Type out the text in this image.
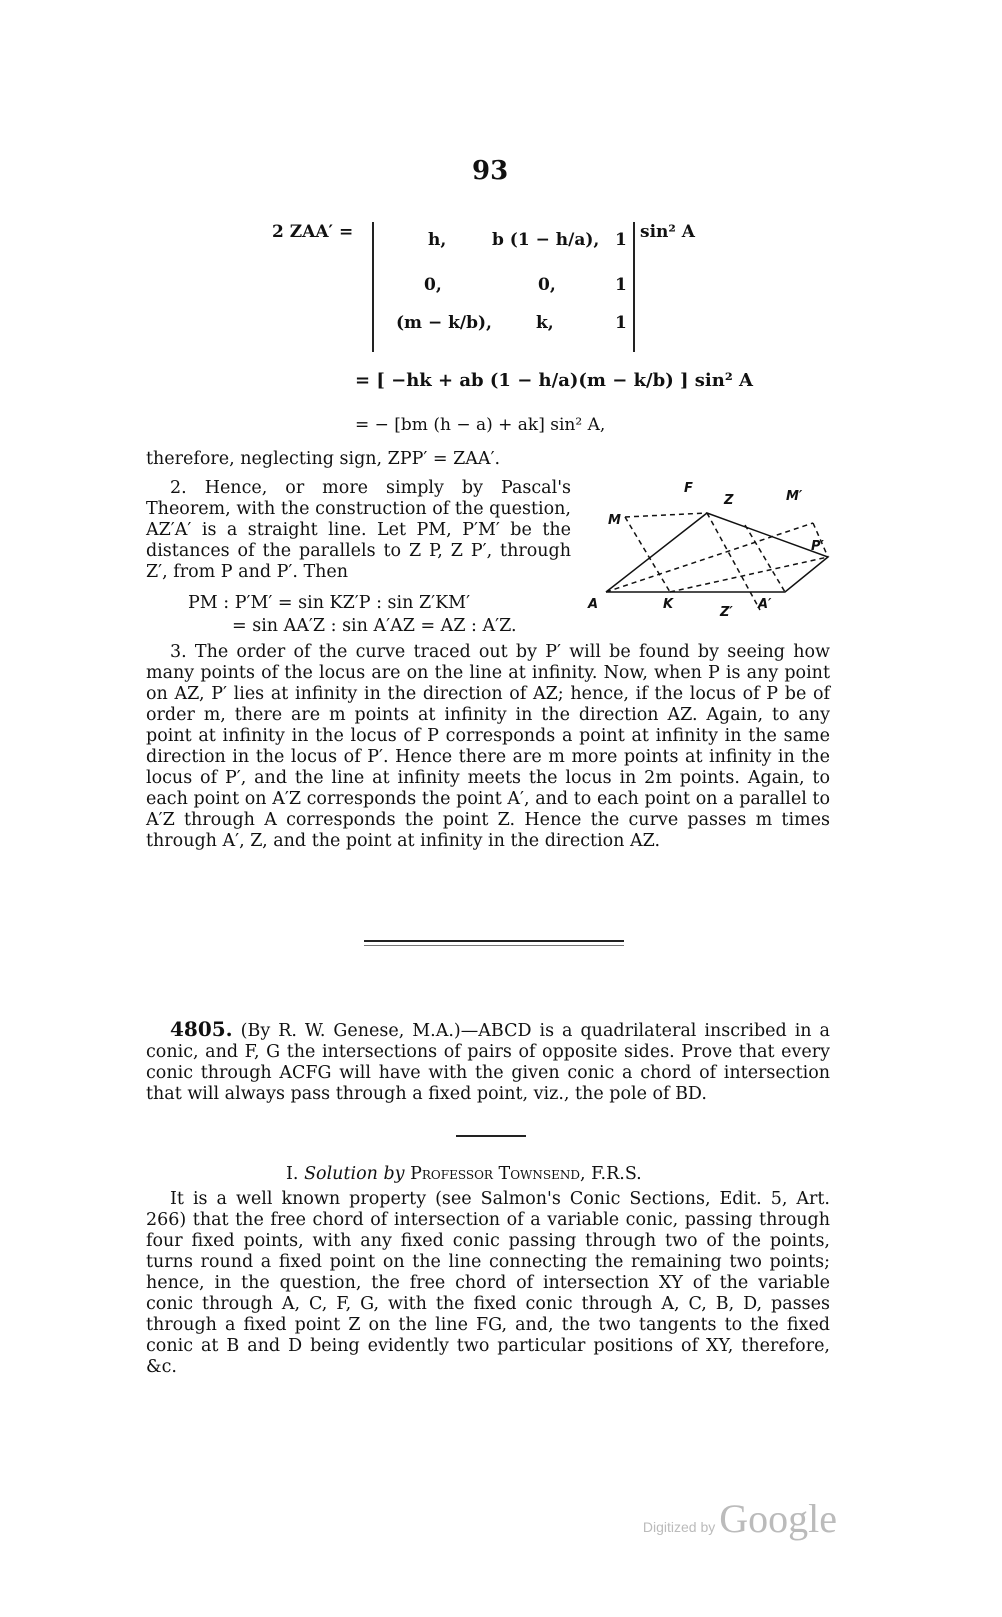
93
2 ZAA′ =	h,	b (1 − h/a), 1
0,	0,	1
(m − k/b),	k,	1
sin² A
= [ −hk + ab (1 − h/a)(m − k/b) ] sin² A
= − [bm (h − a) + ak] sin² A,
therefore, neglecting sign, ZPP′ = ZAA′.
2. Hence, or more simply by Pascal's Theorem, with the construction of the question, AZ′A′ is a straight line. Let PM, P′M′ be the distances of the parallels to Z P, Z P′, through Z′, from P and P′. Then
PM : P′M′ = sin KZ′P : sin Z′KM′
= sin AA′Z : sin A′AZ = AZ : A′Z.
F
Z	M′
M
P′
A	K
Z′
A′
3. The order of the curve traced out by P′ will be found by seeing how many points of the locus are on the line at infinity. Now, when P is any point on AZ, P′ lies at infinity in the direction of AZ; hence, if the locus of P be of order m, there are m points at infinity in the direction AZ. Again, to any point at infinity in the locus of P corresponds a point at infinity in the same direction in the locus of P′. Hence there are m more points at infinity in the locus of P′, and the line at infinity meets the locus in 2m points. Again, to each point on A′Z corresponds the point A′, and to each point on a parallel to A′Z through A corresponds the point Z. Hence the curve passes m times through A′, Z, and the point at infinity in the direction AZ.
4805. (By R. W. Genese, M.A.)—ABCD is a quadrilateral inscribed in a conic, and F, G the intersections of pairs of opposite sides. Prove that every conic through ACFG will have with the given conic a chord of intersection that will always pass through a fixed point, viz., the pole of BD.
I. Solution by Professor Townsend, F.R.S.
It is a well known property (see Salmon's Conic Sections, Edit. 5, Art. 266) that the free chord of intersection of a variable conic, passing through four fixed points, with any fixed conic passing through two of the points, turns round a fixed point on the line connecting the remaining two points; hence, in the question, the free chord of intersection XY of the variable conic through A, C, F, G, with the fixed conic through A, C, B, D, passes through a fixed point Z on the line FG, and, the two tangents to the fixed conic at B and D being evidently two particular positions of XY, therefore, &c.
Digitized by Google
